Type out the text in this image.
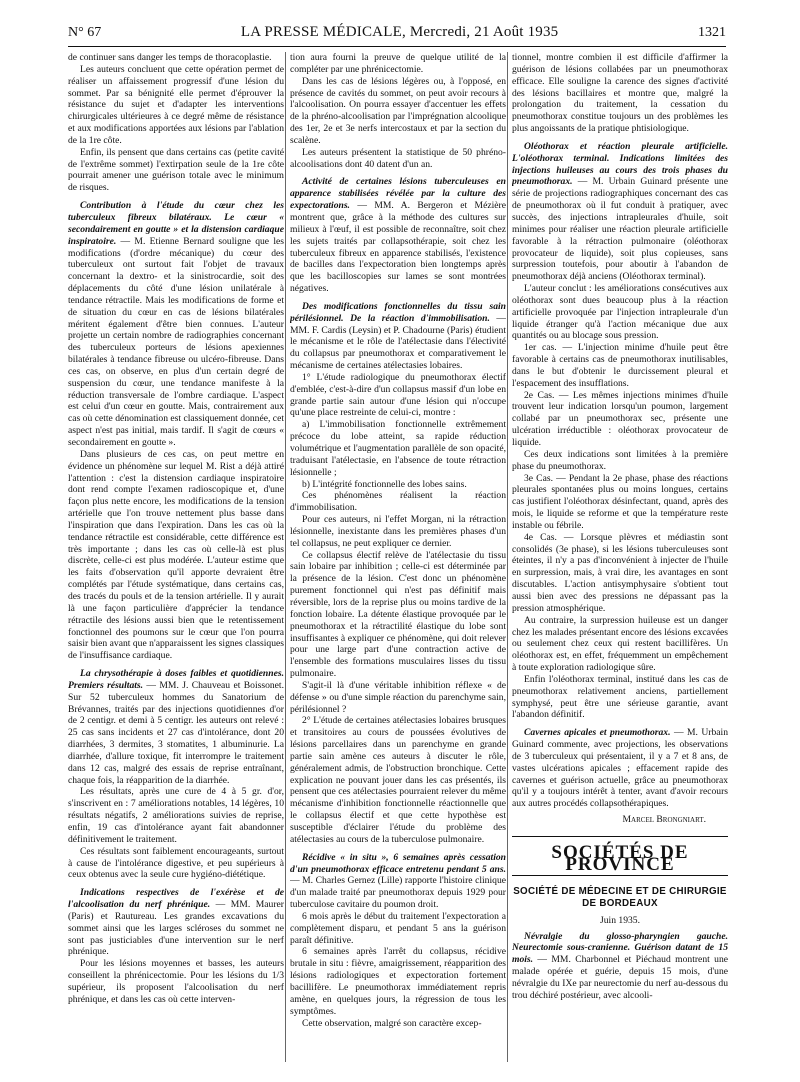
N° 67	LA PRESSE MÉDICALE, Mercredi, 21 Août 1935	1321

de continuer sans danger les temps de thoracoplastie.

Les auteurs concluent que cette opération permet de réaliser un affaissement progressif d'une lésion du sommet. Par sa bénignité elle permet d'éprouver la résistance du sujet et d'adapter les interventions chirurgicales ultérieures à ce degré même de résistance et aux modifications apportées aux lésions par l'ablation de la 1re côte.

Enfin, ils pensent que dans certains cas (petite cavité de l'extrême sommet) l'extirpation seule de la 1re côte pourrait amener une guérison totale avec le minimum de risques.

Contribution à l'étude du cœur chez les tuberculeux fibreux bilatéraux. Le cœur « secondairement en goutte » et la distension cardiaque inspiratoire. — M. Etienne Bernard souligne que les modifications (d'ordre mécanique) du cœur des tuberculeux ont surtout fait l'objet de travaux concernant la dextro- et la sinistrocardie, soit des déplacements du côté d'une lésion unilatérale à tendance rétractile. Mais les modifications de forme et de situation du cœur en cas de lésions bilatérales méritent également d'être bien connues. L'auteur projette un certain nombre de radiographies concernant des tuberculeux porteurs de lésions apexiennes bilatérales à tendance fibreuse ou ulcéro-fibreuse. Dans ces cas, on observe, en plus d'un certain degré de suspension du cœur, une tendance manifeste à la réduction transversale de l'ombre cardiaque. L'aspect est celui d'un cœur en goutte. Mais, contrairement aux cas où cette dénomination est classiquement donnée, cet aspect n'est pas initial, mais tardif. Il s'agit de cœurs « secondairement en goutte ».

Dans plusieurs de ces cas, on peut mettre en évidence un phénomène sur lequel M. Rist a déjà attiré l'attention : c'est la distension cardiaque inspiratoire dont rend compte l'examen radioscopique et, d'une façon plus nette encore, les modifications de la tension artérielle que l'on trouve nettement plus basse dans l'inspiration que dans l'expiration. Dans les cas où la tendance rétractile est considérable, cette différence est très importante ; dans les cas où celle-là est plus discrète, celle-ci est plus modérée. L'auteur estime que les faits d'observation qu'il apporte devraient être complétés par l'étude systématique, dans certains cas, des tracés du pouls et de la tension artérielle. Il y aurait là une façon particulière d'apprécier la tendance rétractile des lésions aussi bien que le retentissement fonctionnel des poumons sur le cœur que l'on pourra saisir bien avant que n'apparaissent les signes classiques de l'insuffisance cardiaque.

La chrysothérapie à doses faibles et quotidiennes. Premiers résultats. — MM. J. Chauveau et Boissonet. Sur 52 tuberculeux hommes du Sanatorium de Brévannes, traités par des injections quotidiennes d'or de 2 centigr. et demi à 5 centigr. les auteurs ont relevé : 25 cas sans incidents et 27 cas d'intolérance, dont 20 diarrhées, 3 dermites, 3 stomatites, 1 albuminurie. La diarrhée, d'allure toxique, fit interrompre le traitement dans 12 cas, malgré des essais de reprise entraînant, chaque fois, la réapparition de la diarrhée.

Les résultats, après une cure de 4 à 5 gr. d'or, s'inscrivent en : 7 améliorations notables, 14 légères, 10 résultats négatifs, 2 améliorations suivies de reprise, enfin, 19 cas d'intolérance ayant fait abandonner définitivement le traitement.

Ces résultats sont faiblement encourageants, surtout à cause de l'intolérance digestive, et peu supérieurs à ceux obtenus avec la seule cure hygiéno-diététique.

Indications respectives de l'exérèse et de l'alcoolisation du nerf phrénique. — MM. Maurer (Paris) et Rautureau. Les grandes excavations du sommet ainsi que les larges scléroses du sommet ne sont pas justiciables d'une intervention sur le nerf phrénique.

Pour les lésions moyennes et basses, les auteurs conseillent la phrénicectomie. Pour les lésions du 1/3 supérieur, ils proposent l'alcoolisation du nerf phrénique, et dans les cas où cette interven-

tion aura fourni la preuve de quelque utilité de la compléter par une phrénicectomie.

Dans les cas de lésions légères ou, à l'opposé, en présence de cavités du sommet, on peut avoir recours à l'alcoolisation. On pourra essayer d'accentuer les effets de la phréno-alcoolisation par l'imprégnation alcoolique des 1er, 2e et 3e nerfs intercostaux et par la section du scalène.

Les auteurs présentent la statistique de 50 phréno-alcoolisations dont 40 datent d'un an.

Activité de certaines lésions tuberculeuses en apparence stabilisées révélée par la culture des expectorations. — MM. A. Bergeron et Mézière montrent que, grâce à la méthode des cultures sur milieux à l'œuf, il est possible de reconnaître, soit chez les sujets traités par collapsothérapie, soit chez les tuberculeux fibreux en apparence stabilisés, l'existence de bacilles dans l'expectoration bien longtemps après que les bacilloscopies sur lames se sont montrées négatives.

Des modifications fonctionnelles du tissu sain périlésionnel. De la réaction d'immobilisation. — MM. F. Cardis (Leysin) et P. Chadourne (Paris) étudient le mécanisme et le rôle de l'atélectasie dans l'électivité du collapsus par pneumothorax et comparativement le mécanisme de certaines atélectasies lobaires.

1° L'étude radiologique du pneumothorax électif d'emblée, c'est-à-dire d'un collapsus massif d'un lobe en grande partie sain autour d'une lésion qui n'occupe qu'une place restreinte de celui-ci, montre :

a) L'immobilisation fonctionnelle extrêmement précoce du lobe atteint, sa rapide réduction volumétrique et l'augmentation parallèle de son opacité, traduisant l'atélectasie, en l'absence de toute rétraction lésionnelle ;

b) L'intégrité fonctionnelle des lobes sains.

Ces phénomènes réalisent la réaction d'immobilisation.

Pour ces auteurs, ni l'effet Morgan, ni la rétraction lésionnelle, inexistante dans les premières phases d'un tel collapsus, ne peut expliquer ce dernier.

Ce collapsus électif relève de l'atélectasie du tissu sain lobaire par inhibition ; celle-ci est déterminée par la présence de la lésion. C'est donc un phénomène purement fonctionnel qui n'est pas définitif mais réversible, lors de la reprise plus ou moins tardive de la fonction lobaire. La détente élastique provoquée par le pneumothorax et la rétractilité élastique du lobe sont insuffisantes à expliquer ce phénomène, qui doit relever pour une large part d'une contraction active de l'ensemble des formations musculaires lisses du tissu pulmonaire.

S'agit-il là d'une véritable inhibition réflexe « de défense » ou d'une simple réaction du parenchyme sain, périlésionnel ?

2° L'étude de certaines atélectasies lobaires brusques et transitoires au cours de poussées évolutives de lésions parcellaires dans un parenchyme en grande partie sain amène ces auteurs à discuter le rôle, généralement admis, de l'obstruction bronchique. Cette explication ne pouvant jouer dans les cas présentés, ils pensent que ces atélectasies pourraient relever du même mécanisme d'inhibition fonctionnelle réactionnelle que le collapsus électif et que cette hypothèse est susceptible d'éclairer l'étude du problème des atélectasies au cours de la tuberculose pulmonaire.

Récidive « in situ », 6 semaines après cessation d'un pneumothorax efficace entretenu pendant 5 ans. — M. Charles Gernez (Lille) rapporte l'histoire clinique d'un malade traité par pneumothorax depuis 1929 pour tuberculose cavitaire du poumon droit.

6 mois après le début du traitement l'expectoration a complètement disparu, et pendant 5 ans la guérison paraît définitive.

6 semaines après l'arrêt du collapsus, récidive brutale in situ : fièvre, amaigrissement, réapparition des lésions radiologiques et expectoration fortement bacillifère. Le pneumothorax immédiatement repris amène, en quelques jours, la régression de tous les symptômes.

Cette observation, malgré son caractère excep-

tionnel, montre combien il est difficile d'affirmer la guérison de lésions collabées par un pneumothorax efficace. Elle souligne la carence des signes d'activité des lésions bacillaires et montre que, malgré la prolongation du traitement, la cessation du pneumothorax constitue toujours un des problèmes les plus angoissants de la pratique phtisiologique.

Oléothorax et réaction pleurale artificielle. L'oléothorax terminal. Indications limitées des injections huileuses au cours des trois phases du pneumothorax. — M. Urbain Guinard présente une série de projections radiographiques concernant des cas de pneumothorax où il fut conduit à pratiquer, avec succès, des injections intrapleurales d'huile, soit minimes pour réaliser une réaction pleurale artificielle favorable à la rétraction pulmonaire (oléothorax provocateur de liquide), soit plus copieuses, sans surpression toutefois, pour aboutir à l'abandon de pneumothorax déjà anciens (Oléothorax terminal).

L'auteur conclut : les améliorations consécutives aux oléothorax sont dues beaucoup plus à la réaction artificielle provoquée par l'injection intrapleurale d'un liquide étranger qu'à l'action mécanique due aux quantités ou au blocage sous pression.

1er cas. — L'injection minime d'huile peut être favorable à certains cas de pneumothorax inutilisables, dans le but d'obtenir le durcissement pleural et l'espacement des insufflations.

2e Cas. — Les mêmes injections minimes d'huile trouvent leur indication lorsqu'un poumon, largement collabé par un pneumothorax sec, présente une ulcération irréductible : oléothorax provocateur de liquide.

Ces deux indications sont limitées à la première phase du pneumothorax.

3e Cas. — Pendant la 2e phase, phase des réactions pleurales spontanées plus ou moins longues, certains cas justifient l'oléothorax désinfectant, quand, après des mois, le liquide se reforme et que la température reste instable ou fébrile.

4e Cas. — Lorsque plèvres et médiastin sont consolidés (3e phase), si les lésions tuberculeuses sont éteintes, il n'y a pas d'inconvénient à injecter de l'huile en surpression, mais, à vrai dire, les avantages en sont discutables. L'action antisymphysaire s'obtient tout aussi bien avec des pressions ne dépassant pas la pression atmosphérique.

Au contraire, la surpression huileuse est un danger chez les malades présentant encore des lésions excavées ou seulement chez ceux qui restent bacillifères. Un oléothorax est, en effet, fréquemment un empêchement à toute exploration radiologique sûre.

Enfin l'oléothorax terminal, institué dans les cas de pneumothorax relativement anciens, partiellement symphysé, peut être une sérieuse garantie, avant l'abandon définitif.

Cavernes apicales et pneumothorax. — M. Urbain Guinard commente, avec projections, les observations de 3 tuberculeux qui présentaient, il y a 7 et 8 ans, de vastes ulcérations apicales ; effacement rapide des cavernes et guérison actuelle, grâce au pneumothorax qu'il y a toujours intérêt à tenter, avant d'avoir recours aux autres procédés collapsothérapiques.

Marcel Brongniart.

SOCIÉTÉS DE PROVINCE

SOCIÉTÉ DE MÉDECINE ET DE CHIRURGIE DE BORDEAUX

Juin 1935.

Névralgie du glosso-pharyngien gauche. Neurectomie sous-cranienne. Guérison datant de 15 mois. — MM. Charbonnel et Piéchaud montrent une malade opérée et guérie, depuis 15 mois, d'une névralgie du IXe par neurectomie du nerf au-dessous du trou déchiré postérieur, avec alcooli-
